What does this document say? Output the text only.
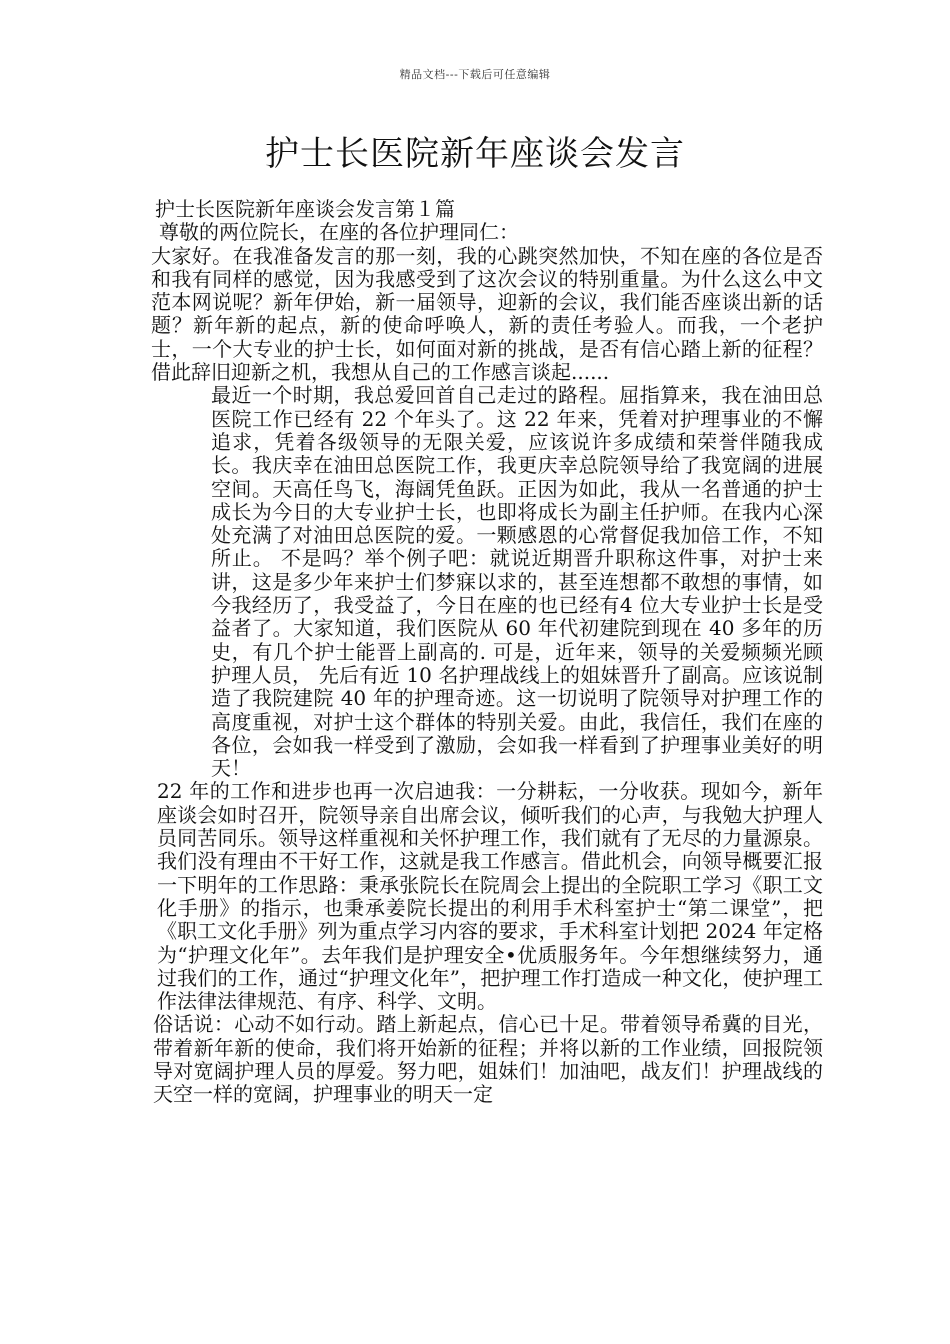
精品文档---下载后可任意编辑
护士长医院新年座谈会发言

护士长医院新年座谈会发言第１篇

尊敬的两位院长，在座的各位护理同仁：

大家好。在我准备发言的那一刻，我的心跳突然加快，不知在座的各位是否和我有同样的感觉，因为我感受到了这次会议的特别重量。为什么这么中文范本网说呢？新年伊始，新一届领导，迎新的会议，我们能否座谈出新的话题？新年新的起点，新的使命呼唤人，新的责任考验人。而我，一个老护士，一个大专业的护士长，如何面对新的挑战，是否有信心踏上新的征程？借此辞旧迎新之机，我想从自己的工作感言谈起......

最近一个时期，我总爱回首自己走过的路程。屈指算来，我在油田总医院工作已经有 22 个年头了。这 22 年来，凭着对护理事业的不懈追求，凭着各级领导的无限关爱，应该说许多成绩和荣誉伴随我成长。我庆幸在油田总医院工作，我更庆幸总院领导给了我宽阔的进展空间。天高任鸟飞，海阔凭鱼跃。正因为如此，我从一名普通的护士成长为今日的大专业护士长，也即将成长为副主任护师。在我内心深处充满了对油田总医院的爱。一颗感恩的心常督促我加倍工作，不知所止。 不是吗？举个例子吧：就说近期晋升职称这件事，对护士来讲，这是多少年来护士们梦寐以求的，甚至连想都不敢想的事情，如今我经历了，我受益了，今日在座的也已经有4 位大专业护士长是受益者了。大家知道，我们医院从 60 年代初建院到现在 40 多年的历史，有几个护士能晋上副高的. 可是，近年来，领导的关爱频频光顾护理人员， 先后有近 10 名护理战线上的姐妹晋升了副高。应该说制造了我院建院 40 年的护理奇迹。这一切说明了院领导对护理工作的高度重视，对护士这个群体的特别关爱。由此，我信任，我们在座的各位，会如我一样受到了激励，会如我一样看到了护理事业美好的明天！

22 年的工作和进步也再一次启迪我：一分耕耘，一分收获。现如今，新年座谈会如时召开，院领导亲自出席会议，倾听我们的心声，与我勉大护理人员同苦同乐。领导这样重视和关怀护理工作，我们就有了无尽的力量源泉。我们没有理由不干好工作，这就是我工作感言。借此机会，向领导概要汇报一下明年的工作思路：秉承张院长在院周会上提出的全院职工学习《职工文化手册》的指示，也秉承姜院长提出的利用手术科室护士“第二课堂”，把《职工文化手册》列为重点学习内容的要求，手术科室计划把 2024 年定格为“护理文化年”。去年我们是护理安全•优质服务年。今年想继续努力，通过我们的工作，通过“护理文化年”，把护理工作打造成一种文化，使护理工作法律法律规范、有序、科学、文明。

俗话说：心动不如行动。踏上新起点，信心已十足。带着领导希冀的目光，带着新年新的使命，我们将开始新的征程；并将以新的工作业绩，回报院领导对宽阔护理人员的厚爱。努力吧，姐妹们！加油吧，战友们！护理战线的天空一样的宽阔，护理事业的明天一定
